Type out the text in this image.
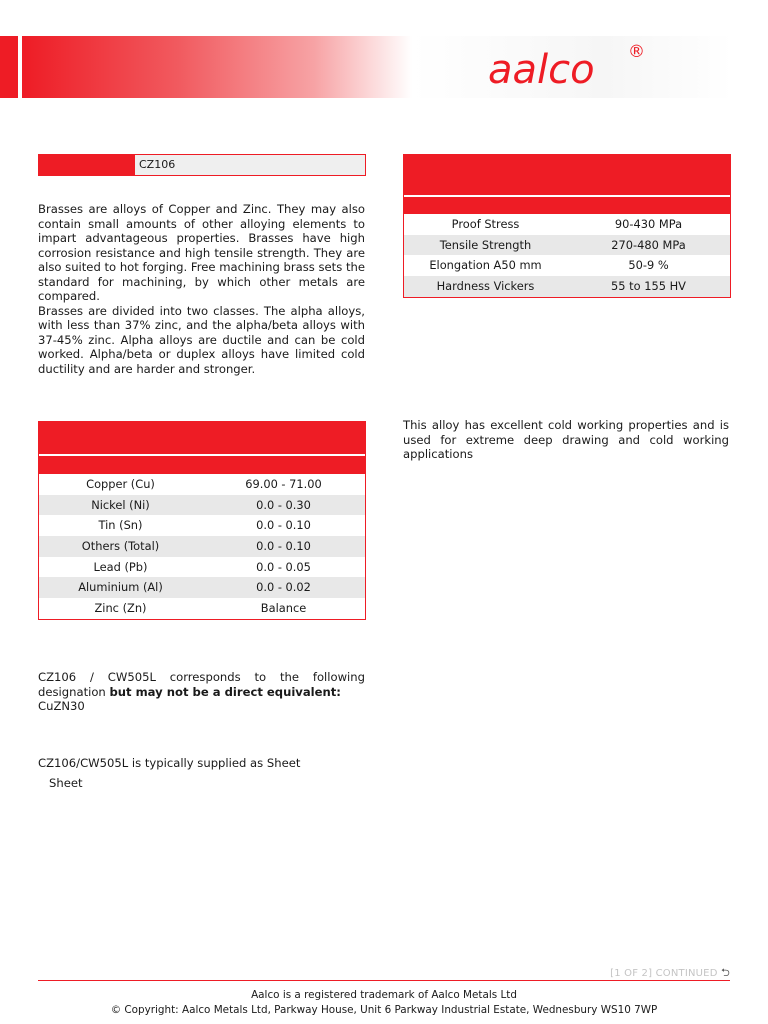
aalco ®
CZ106
Brasses are alloys of Copper and Zinc. They may also contain small amounts of other alloying elements to impart advantageous properties. Brasses have high corrosion resistance and high tensile strength. They are also suited to hot forging. Free machining brass sets the standard for machining, by which other metals are compared.
Brasses are divided into two classes. The alpha alloys, with less than 37% zinc, and the alpha/beta alloys with 37-45% zinc. Alpha alloys are ductile and can be cold worked. Alpha/beta or duplex alloys have limited cold ductility and are harder and stronger.
Proof Stress	90-430 MPa
Tensile Strength	270-480 MPa
Elongation A50 mm	50-9 %
Hardness Vickers	55 to 155 HV
Copper (Cu)	69.00 - 71.00
Nickel (Ni)	0.0 - 0.30
Tin (Sn)	0.0 - 0.10
Others (Total)	0.0 - 0.10
Lead (Pb)	0.0 - 0.05
Aluminium (Al)	0.0 - 0.02
Zinc (Zn)	Balance
This alloy has excellent cold working properties and is used for extreme deep drawing and cold working applications
CZ106 / CW505L corresponds to the following designation but may not be a direct equivalent:
CuZN30
CZ106/CW505L is typically supplied as Sheet
Sheet
[1 OF 2] CONTINUED ⮌
Aalco is a registered trademark of Aalco Metals Ltd
© Copyright: Aalco Metals Ltd, Parkway House, Unit 6 Parkway Industrial Estate, Wednesbury WS10 7WP
